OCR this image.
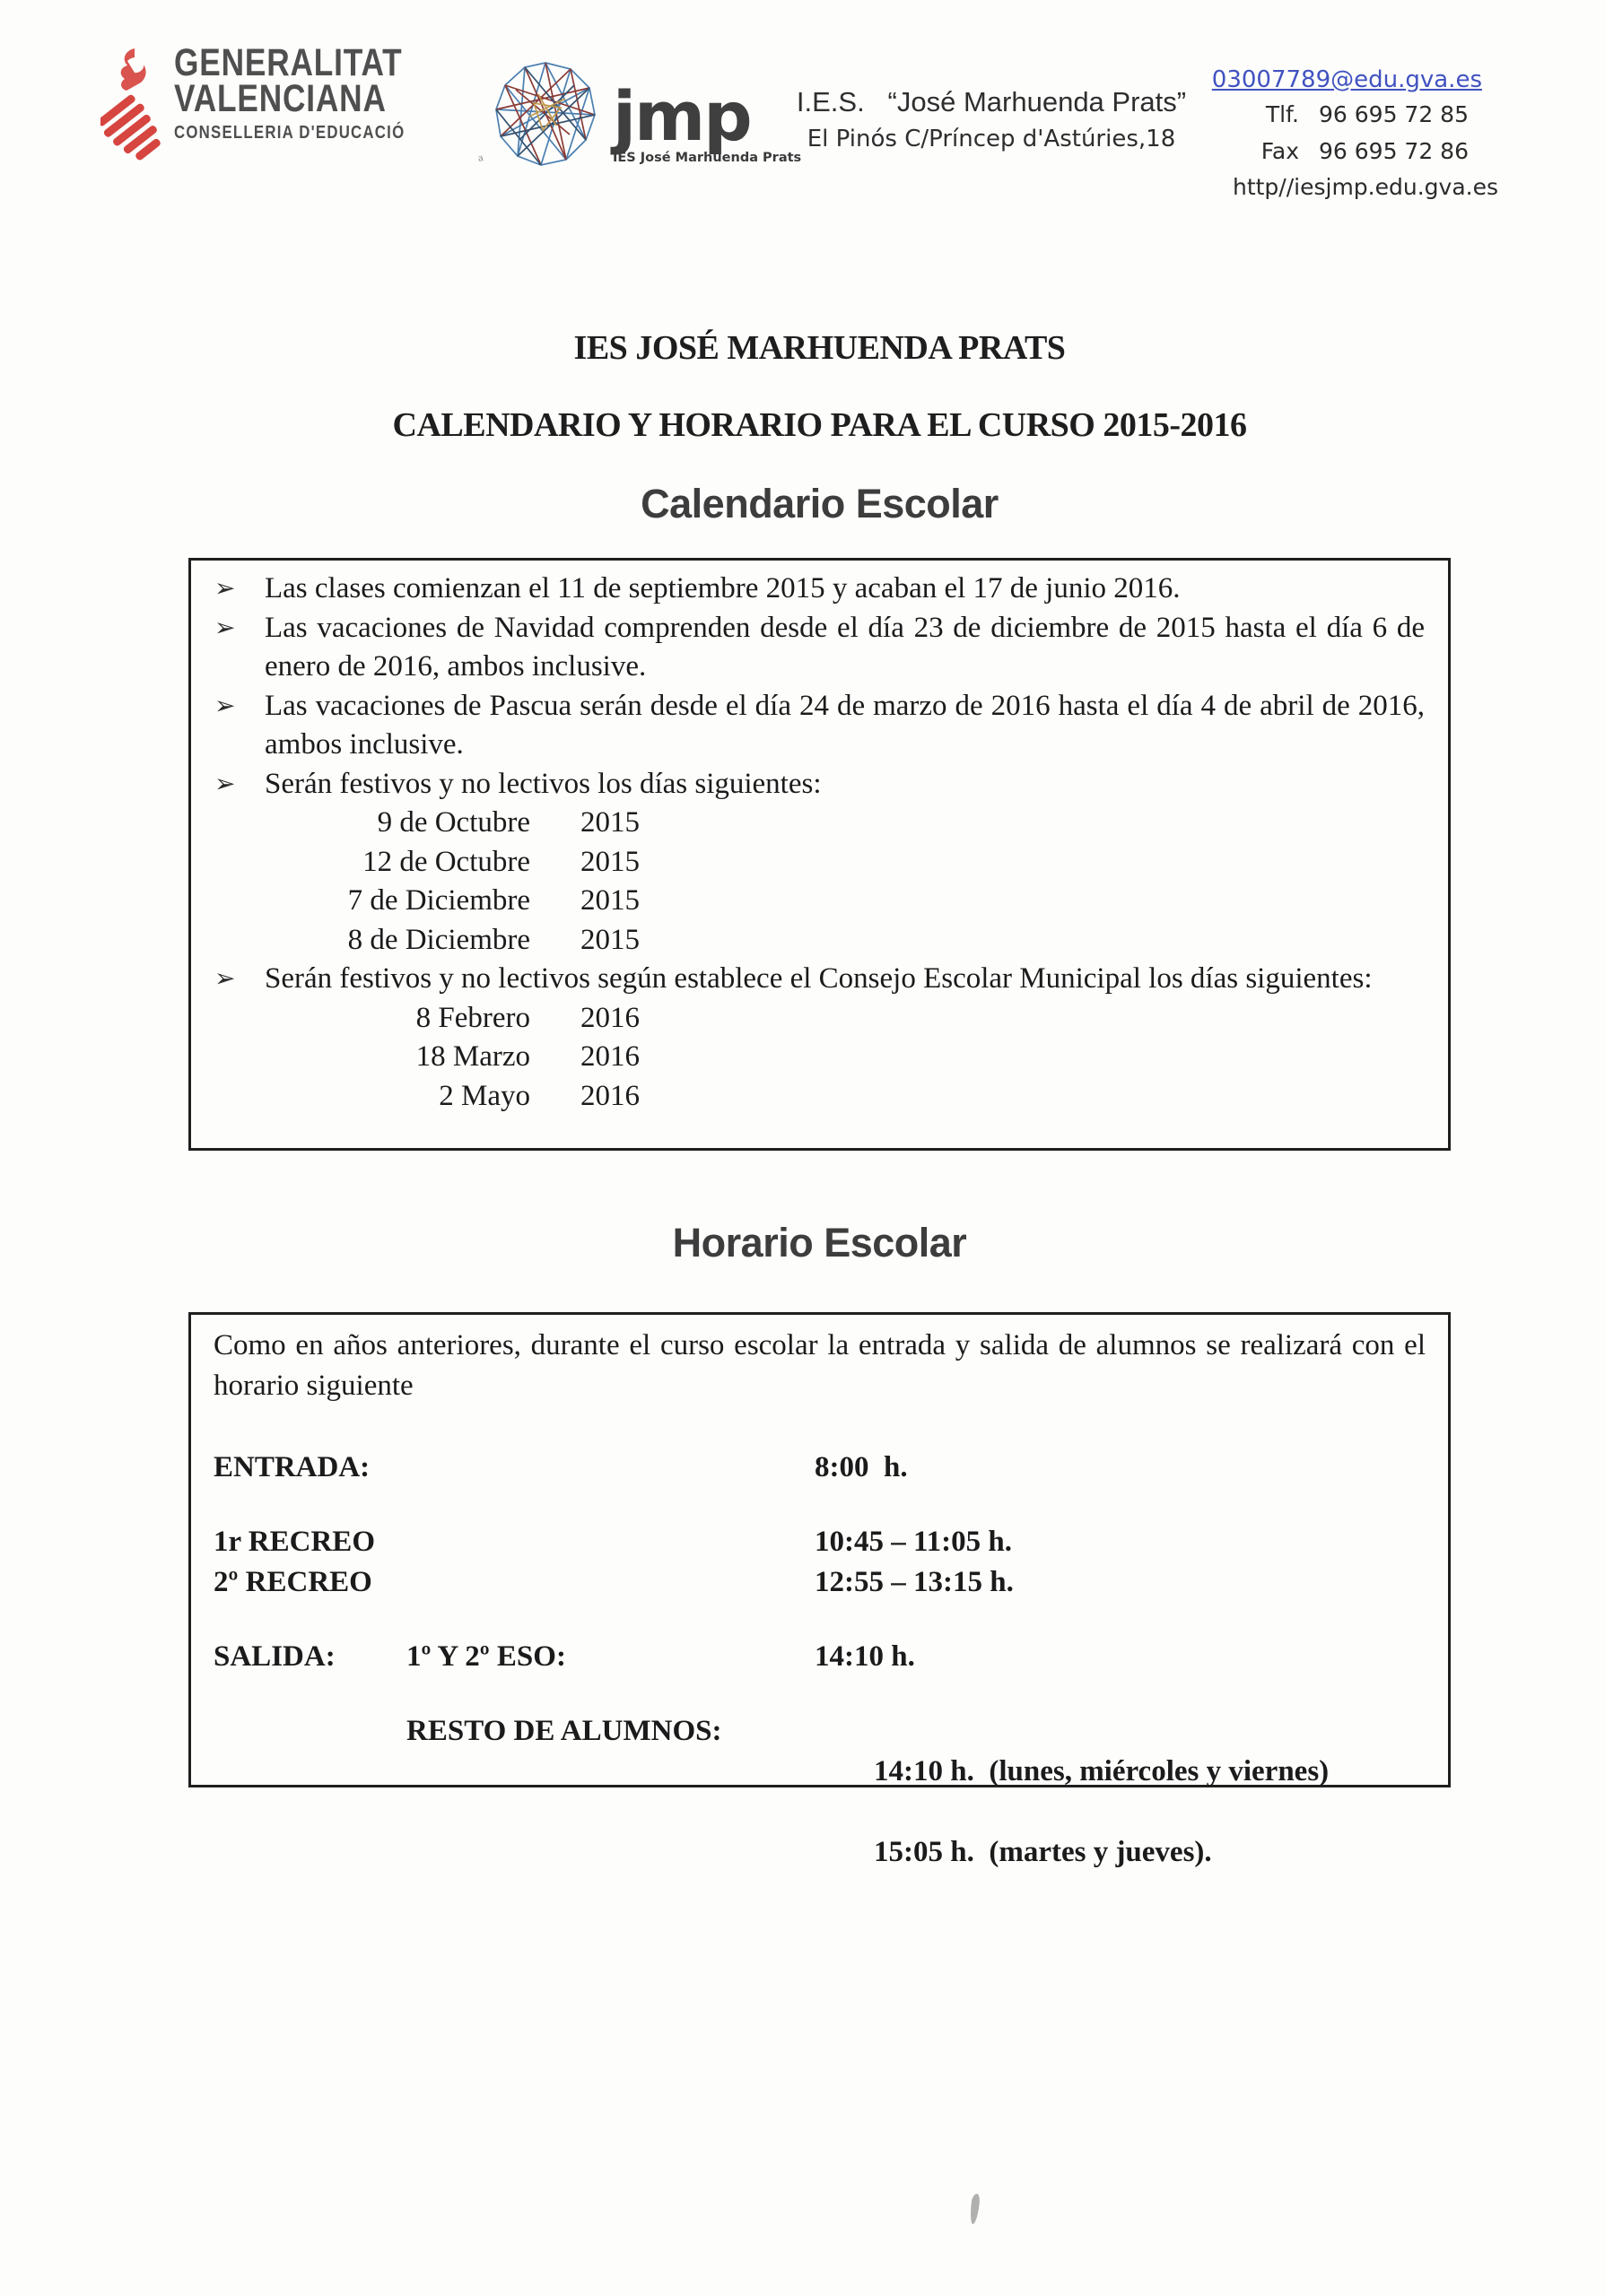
GENERALITAT
VALENCIANA
CONSELLERIA D'EDUCACIÓ
ª
jmp
IES José Marhuenda Prats
I.E.S.   “José Marhuenda Prats”
El Pinós C/Príncep d'Astúries,18
03007789@edu.gva.es
Tlf. 96 695 72 85
Fax 96 695 72 86
http//iesjmp.edu.gva.es
IES JOSÉ MARHUENDA PRATS
CALENDARIO Y HORARIO PARA EL CURSO 2015-2016
Calendario Escolar
➢ Las clases comienzan el 11 de septiembre 2015 y acaban el 17 de junio 2016.
➢ Las vacaciones de Navidad comprenden desde el día 23 de diciembre de 2015 hasta el día 6 de enero de 2016, ambos inclusive.
➢ Las vacaciones de Pascua serán desde el día 24 de marzo de 2016 hasta el día 4 de abril de 2016, ambos inclusive.
➢ Serán festivos y no lectivos los días siguientes:
9 de Octubre 2015
12 de Octubre 2015
7 de Diciembre 2015
8 de Diciembre 2015
➢ Serán festivos y no lectivos según establece el Consejo Escolar Municipal los días siguientes:
8 Febrero 2016
18 Marzo 2016
2 Mayo 2016
Horario Escolar
Como en años anteriores, durante el curso escolar la entrada y salida de alumnos se realizará con el horario siguiente
ENTRADA:	8:00  h.
1r RECREO	10:45 – 11:05 h.
2º RECREO	12:55 – 13:15 h.
SALIDA:	1º Y 2º ESO:	14:10 h.
RESTO DE ALUMNOS:

14:10 h.  (lunes, miércoles y viernes)

15:05 h.  (martes y jueves).
